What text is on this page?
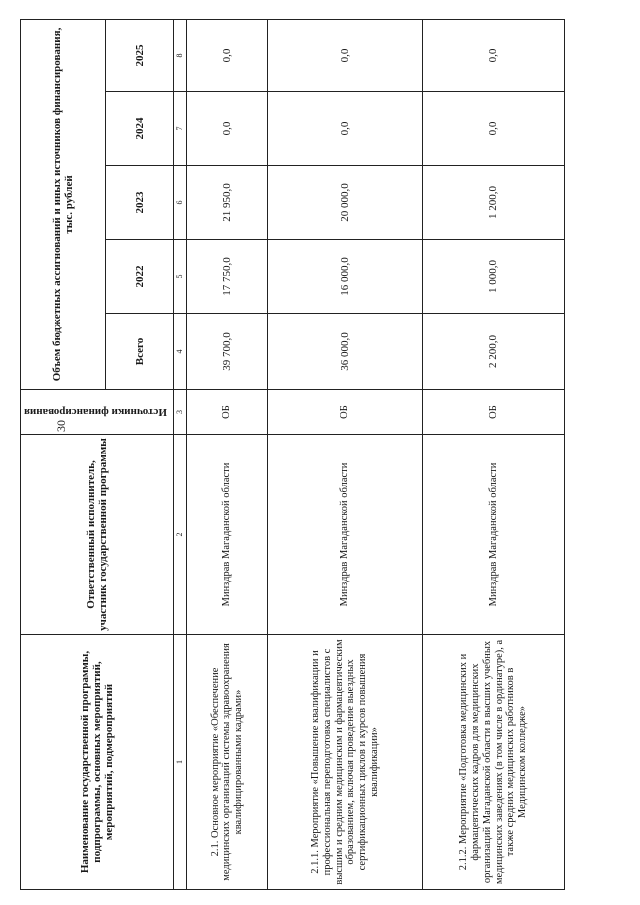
30
Наименование государственной программы, подпрограммы, основных мероприятий, мероприятий, подмероприятий	Ответственный исполнитель, участник государственной программы	Источники финансирования	Объем бюджетных ассигнований и иных источников финансирования, тыс. рублей				
			Всего	2022	2023	2024	2025
1	2	3	4	5	6	7	8
2.1. Основное мероприятие «Обеспечение медицинских организаций системы здравоохранения квалифицированными кадрами»	Минздрав Магаданской области	ОБ	39 700,0	17 750,0	21 950,0	0,0	0,0
2.1.1. Мероприятие «Повышение квалификации и профессиональная переподготовка специалистов с высшим и средним медицинским и фармацевтическим образованием, включая проведение выездных сертификационных циклов и курсов повышения квалификации»	Минздрав Магаданской области	ОБ	36 000,0	16 000,0	20 000,0	0,0	0,0
2.1.2. Мероприятие «Подготовка медицинских и фармацевтических кадров для медицинских организаций Магаданской области в высших учебных медицинских заведениях (в том числе в ординатуре), а также средних медицинских работников в Медицинском колледже»	Минздрав Магаданской области	ОБ	2 200,0	1 000,0	1 200,0	0,0	0,0
